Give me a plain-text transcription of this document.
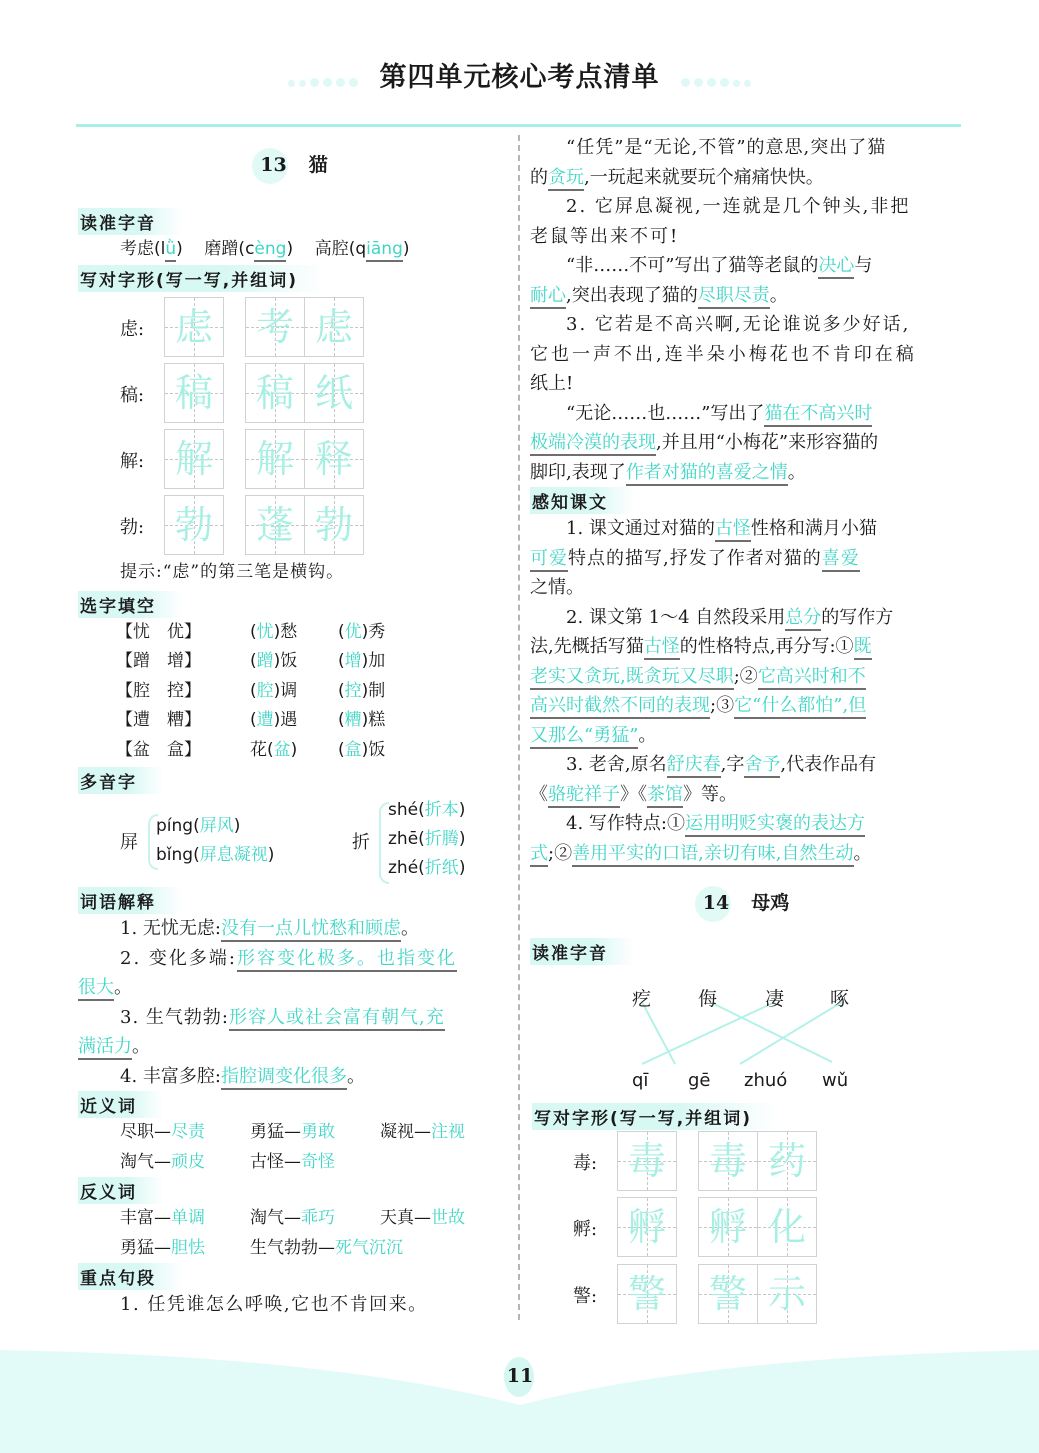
第四单元核心考点清单
13 猫
读准字音
考虑(lǜ) 磨蹭(cèng) 高腔(qiāng)
写对字形(写一写,并组词)
虑: 虑 考 虑
稿: 稿 稿 纸
解: 解 解 释
勃: 勃 蓬 勃
提示:“虑”的第三笔是横钩。
选字填空
【忧　优】	(忧)愁 (优)秀
【蹭　增】	(蹭)饭 (增)加
【腔　控】	(腔)调 (控)制
【遭　糟】	(遭)遇 (糟)糕
【盆　盒】	花(盆) (盒)饭
多音字
屏
píng(屏风)
bǐng(屏息凝视)
折
shé(折本)
zhē(折腾)
zhé(折纸)
词语解释
1. 无忧无虑:没有一点儿忧愁和顾虑。
2. 变化多端:形容变化极多。也指变化
很大。
3. 生气勃勃:形容人或社会富有朝气,充
满活力。
4. 丰富多腔:指腔调变化很多。
近义词
尽职—尽责	勇猛—勇敢	凝视—注视
淘气—顽皮	古怪—奇怪
反义词
丰富—单调	淘气—乖巧	天真—世故
勇猛—胆怯	生气勃勃—死气沉沉
重点句段
1. 任凭谁怎么呼唤,它也不肯回来。
“任凭”是“无论,不管”的意思,突出了猫
的贪玩,一玩起来就要玩个痛痛快快。
2. 它屏息凝视,一连就是几个钟头,非把
老鼠等出来不可!
“非……不可”写出了猫等老鼠的决心与
耐心,突出表现了猫的尽职尽责。
3. 它若是不高兴啊,无论谁说多少好话,
它也一声不出,连半朵小梅花也不肯印在稿
纸上!
“无论……也……”写出了猫在不高兴时
极端冷漠的表现,并且用“小梅花”来形容猫的
脚印,表现了作者对猫的喜爱之情。
感知课文
1. 课文通过对猫的古怪性格和满月小猫
可爱特点的描写,抒发了作者对猫的喜爱
之情。
2. 课文第 1～4 自然段采用总分的写作方
法,先概括写猫古怪的性格特点,再分写:①既
老实又贪玩,既贪玩又尽职;②它高兴时和不
高兴时截然不同的表现;③它“什么都怕”,但
又那么“勇猛”。
3. 老舍,原名舒庆春,字舍予,代表作品有
《骆驼祥子》《茶馆》等。
4. 写作特点:①运用明贬实褒的表达方
式;②善用平实的口语,亲切有味,自然生动。
14 母鸡
读准字音
疙 侮	凄 啄
qī gē zhuó wǔ
写对字形(写一写,并组词)
毒: 毒 毒 药
孵: 孵 孵 化
警: 警 警 示
11
